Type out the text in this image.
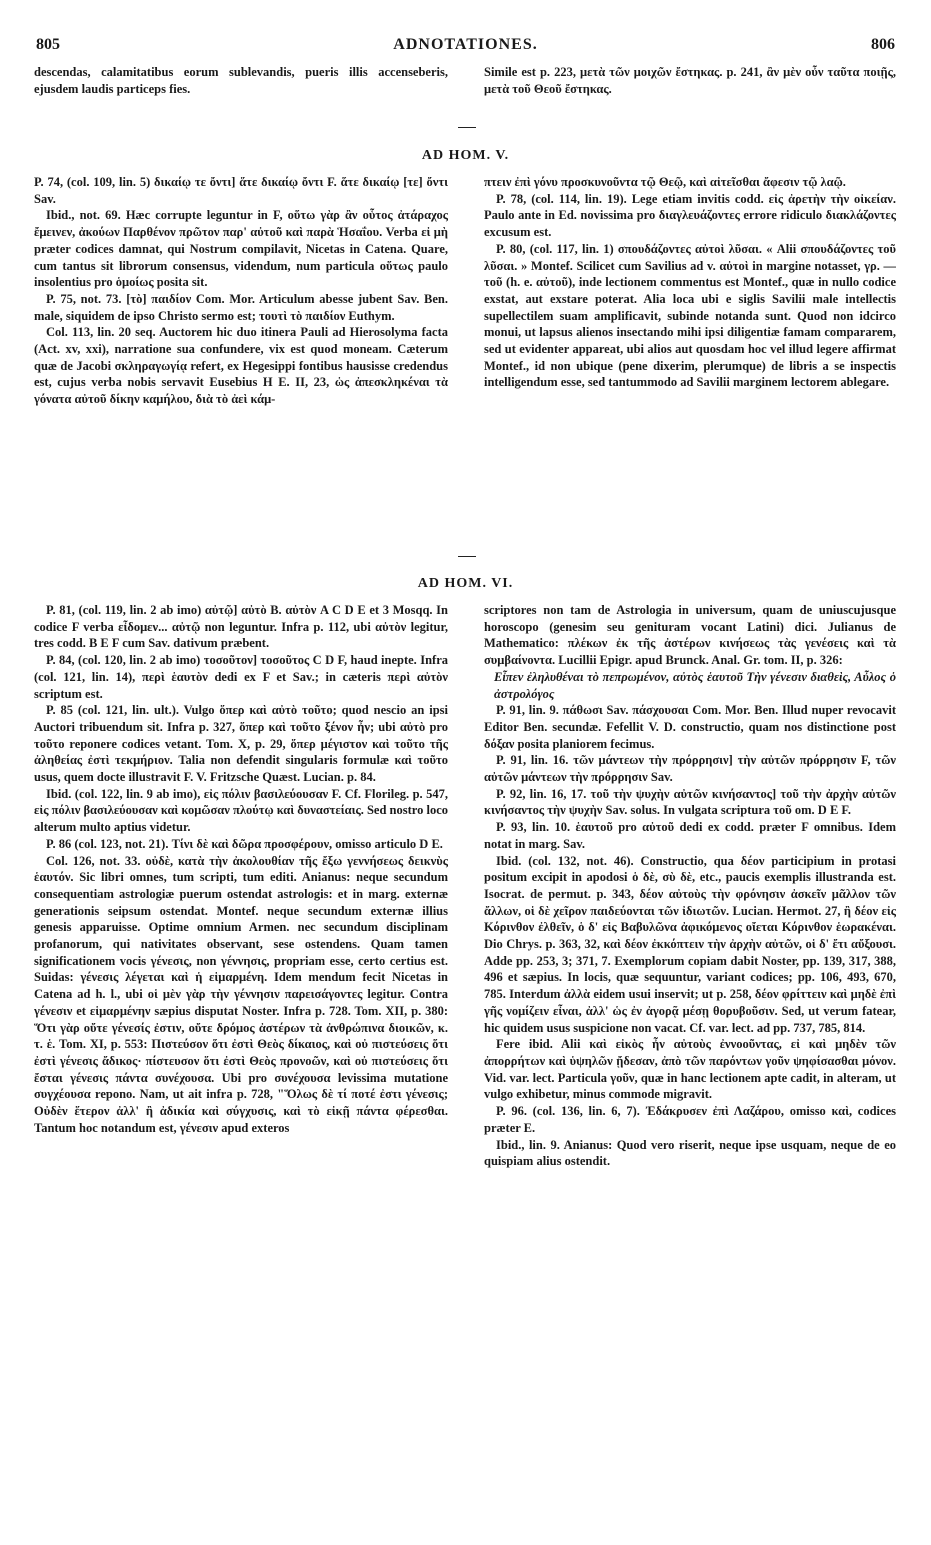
805	ADNOTATIONES.	806

descendas, calamitatibus eorum sublevandis, pueris illis accenseberis, ejusdem laudis particeps fies.

Simile est p. 223, μετὰ τῶν μοιχῶν ἔστηκας. p. 241, ἂν μὲν οὖν ταῦτα ποιῇς, μετὰ τοῦ Θεοῦ ἔστηκας.

AD HOM. V.

P. 74, (col. 109, lin. 5) δικαίῳ τε ὄντι] ἅτε δικαίῳ ὄντι F. ἅτε δικαίῳ [τε] ὄντι Sav.

Ibid., not. 69. Hæc corrupte leguntur in F, οὕτω γὰρ ἂν οὗτος ἀτάραχος ἔμεινεν, ἀκούων Παρθένον πρῶτον παρ' αὐτοῦ καὶ παρὰ Ἡσαΐου. Verba εἰ μὴ præter codices damnat, qui Nostrum compilavit, Nicetas in Catena. Quare, cum tantus sit librorum consensus, videndum, num particula οὕτως paulo insolentius pro ὁμοίως posita sit.

P. 75, not. 73. [τὸ] παιδίον Com. Mor. Articulum abesse jubent Sav. Ben. male, siquidem de ipso Christo sermo est; τουτὶ τὸ παιδίον Euthym.

Col. 113, lin. 20 seq. Auctorem hic duo itinera Pauli ad Hierosolyma facta (Act. xv, xxi), narratione sua confundere, vix est quod moneam. Cæterum quæ de Jacobi σκληραγωγίᾳ refert, ex Hegesippi fontibus hausisse credendus est, cujus verba nobis servavit Eusebius H E. II, 23, ὡς ἀπεσκληκέναι τὰ γόνατα αὐτοῦ δίκην καμήλου, διὰ τὸ ἀεὶ κάμ-

πτειν ἐπὶ γόνυ προσκυνοῦντα τῷ Θεῷ, καὶ αἰτεῖσθαι ἄφεσιν τῷ λαῷ.

P. 78, (col. 114, lin. 19). Lege etiam invitis codd. εἰς ἀρετὴν τὴν οἰκείαν. Paulo ante in Ed. novissima pro διαγλευάζοντες errore ridiculo διακλάζοντες excusum est.

P. 80, (col. 117, lin. 1) σπουδάζοντες αὐτοὶ λῦσαι. « Alii σπουδάζοντες τοῦ λῦσαι. » Montef. Scilicet cum Savilius ad v. αὐτοὶ in margine notasset, γρ. — τοῦ (h. e. αὐτοῦ), inde lectionem commentus est Montef., quæ in nullo codice exstat, aut exstare poterat. Alia loca ubi e siglis Savilii male intellectis supellectilem suam amplificavit, subinde notanda sunt. Quod non idcirco monui, ut lapsus alienos insectando mihi ipsi diligentiæ famam compararem, sed ut evidenter appareat, ubi alios aut quosdam hoc vel illud legere affirmat Montef., id non ubique (pene dixerim, plerumque) de libris a se inspectis intelligendum esse, sed tantummodo ad Savilii marginem lectorem ablegare.

AD HOM. VI.

P. 81, (col. 119, lin. 2 ab imo) αὐτῷ] αὐτὸ B. αὐτὸν A C D E et 3 Mosqq. In codice F verba εἶδομεν... αὐτῷ non leguntur. Infra p. 112, ubi αὐτὸν legitur, tres codd. B E F cum Sav. dativum præbent.

P. 84, (col. 120, lin. 2 ab imo) τοσοῦτον] τοσοῦτος C D F, haud inepte. Infra (col. 121, lin. 14), περὶ ἑαυτὸν dedi ex F et Sav.; in cæteris περὶ αὐτὸν scriptum est.

P. 85 (col. 121, lin. ult.). Vulgo ὅπερ καὶ αὐτὸ τοῦτο; quod nescio an ipsi Auctori tribuendum sit. Infra p. 327, ὅπερ καὶ τοῦτο ξένον ἦν; ubi αὐτὸ pro τοῦτο reponere codices vetant. Tom. X, p. 29, ὅπερ μέγιστον καὶ τοῦτο τῆς ἀληθείας ἐστὶ τεκμήριον. Talia non defendit singularis formulæ καὶ τοῦτο usus, quem docte illustravit F. V. Fritzsche Quæst. Lucian. p. 84.

Ibid. (col. 122, lin. 9 ab imo), εἰς πόλιν βασιλεύουσαν F. Cf. Florileg. p. 547, εἰς πόλιν βασιλεύουσαν καὶ κομῶσαν πλούτῳ καὶ δυναστείαις. Sed nostro loco alterum multo aptius videtur.

P. 86 (col. 123, not. 21). Τίνι δὲ καὶ δῶρα προσφέρουν, omisso articulo D E.

Col. 126, not. 33. οὐδὲ, κατὰ τὴν ἀκολουθίαν τῆς ἔξω γεννήσεως δεικνὺς ἑαυτόν. Sic libri omnes, tum scripti, tum editi. Anianus: neque secundum consequentiam astrologiæ puerum ostendat astrologis: et in marg. externæ generationis seipsum ostendat. Montef. neque secundum externæ illius genesis apparuisse. Optime omnium Armen. nec secundum disciplinam profanorum, qui nativitates observant, sese ostendens. Quam tamen significationem vocis γένεσις, non γέννησις, propriam esse, certo certius est. Suidas: γένεσις λέγεται καὶ ἡ εἱμαρμένη. Idem mendum fecit Nicetas in Catena ad h. l., ubi οἱ μὲν γὰρ τὴν γέννησιν παρεισάγοντες legitur. Contra γένεσιν et εἱμαρμένην sæpius disputat Noster. Infra p. 728. Tom. XII, p. 380: Ὅτι γὰρ οὔτε γένεσίς ἐστιν, οὔτε δρόμος ἀστέρων τὰ ἀνθρώπινα διοικῶν, κ. τ. ἑ. Tom. XI, p. 553: Πιστεύσον ὅτι ἐστὶ Θεὸς δίκαιος, καὶ οὐ πιστεύσεις ὅτι ἐστὶ γένεσις ἄδικος· πίστευσον ὅτι ἐστὶ Θεὸς προνοῶν, καὶ οὐ πιστεύσεις ὅτι ἔσται γένεσις πάντα συνέχουσα. Ubi pro συνέχουσα levissima mutatione συγχέουσα repono. Nam, ut ait infra p. 728, "Ὅλως δὲ τί ποτέ ἐστι γένεσις; Οὐδὲν ἕτερον ἀλλ' ἢ ἀδικία καὶ σύγχυσις, καὶ τὸ εἰκῇ πάντα φέρεσθαι. Tantum hoc notandum est, γένεσιν apud exteros

scriptores non tam de Astrologia in universum, quam de uniuscujusque horoscopo (genesim seu genituram vocant Latini) dici. Julianus de Mathematico: πλέκων ἐκ τῆς ἀστέρων κινήσεως τὰς γενέσεις καὶ τὰ συμβαίνοντα. Lucillii Epigr. apud Brunck. Anal. Gr. tom. II, p. 326:

Εἶπεν ἐληλυθέναι τὸ πεπρωμένον, αὐτὸς ἑαυτοῦ Τὴν γένεσιν διαθεὶς, Αὖλος ὁ ἀστρολόγος

P. 91, lin. 9. πάθωσι Sav. πάσχουσαι Com. Mor. Ben. Illud nuper revocavit Editor Ben. secundæ. Fefellit V. D. constructio, quam nos distinctione post δόξαν posita planiorem fecimus.

P. 91, lin. 16. τῶν μάντεων τὴν πρόρρησιν] τὴν αὐτῶν πρόρρησιν F, τῶν αὐτῶν μάντεων τὴν πρόρρησιν Sav.

P. 92, lin. 16, 17. τοῦ τὴν ψυχὴν αὐτῶν κινήσαντος] τοῦ τὴν ἀρχὴν αὐτῶν κινήσαντος τὴν ψυχὴν Sav. solus. In vulgata scriptura τοῦ om. D E F.

P. 93, lin. 10. ἑαυτοῦ pro αὐτοῦ dedi ex codd. præter F omnibus. Idem notat in marg. Sav.

Ibid. (col. 132, not. 46). Constructio, qua δέον participium in protasi positum excipit in apodosi ὁ δὲ, σὺ δὲ, etc., paucis exemplis illustranda est. Isocrat. de permut. p. 343, δέον αὐτοὺς τὴν φρόνησιν ἀσκεῖν μᾶλλον τῶν ἄλλων, οἱ δὲ χεῖρον παιδεύονται τῶν ἰδιωτῶν. Lucian. Hermot. 27, ἢ δέον εἰς Κόρινθον ἐλθεῖν, ὁ δ' εἰς Βαβυλῶνα ἀφικόμενος οἴεται Κόρινθον ἑωρακέναι. Dio Chrys. p. 363, 32, καὶ δέον ἐκκόπτειν τὴν ἀρχὴν αὐτῶν, οἱ δ' ἔτι αὔξουσι. Adde pp. 253, 3; 371, 7. Exemplorum copiam dabit Noster, pp. 139, 317, 388, 496 et sæpius. In locis, quæ sequuntur, variant codices; pp. 106, 493, 670, 785. Interdum ἀλλὰ eidem usui inservit; ut p. 258, δέον φρίττειν καὶ μηδὲ ἐπὶ γῆς νομίζειν εἶναι, ἀλλ' ὡς ἐν ἀγορᾷ μέσῃ θορυβοῦσιν. Sed, ut verum fatear, hic quidem usus suspicione non vacat. Cf. var. lect. ad pp. 737, 785, 814.

Fere ibid. Alii καὶ εἰκὸς ἦν αὐτοὺς ἐννοοῦντας, εἰ καὶ μηδὲν τῶν ἀπορρήτων καὶ ὑψηλῶν ᾔδεσαν, ἀπὸ τῶν παρόντων γοῦν ψηφίσασθαι μόνον. Vid. var. lect. Particula γοῦν, quæ in hanc lectionem apte cadit, in alteram, ut vulgo exhibetur, minus commode migravit.

P. 96. (col. 136, lin. 6, 7). Ἐδάκρυσεν ἐπὶ Λαζάρου, omisso καὶ, codices præter E.

Ibid., lin. 9. Anianus: Quod vero riserit, neque ipse usquam, neque de eo quispiam alius ostendit.
